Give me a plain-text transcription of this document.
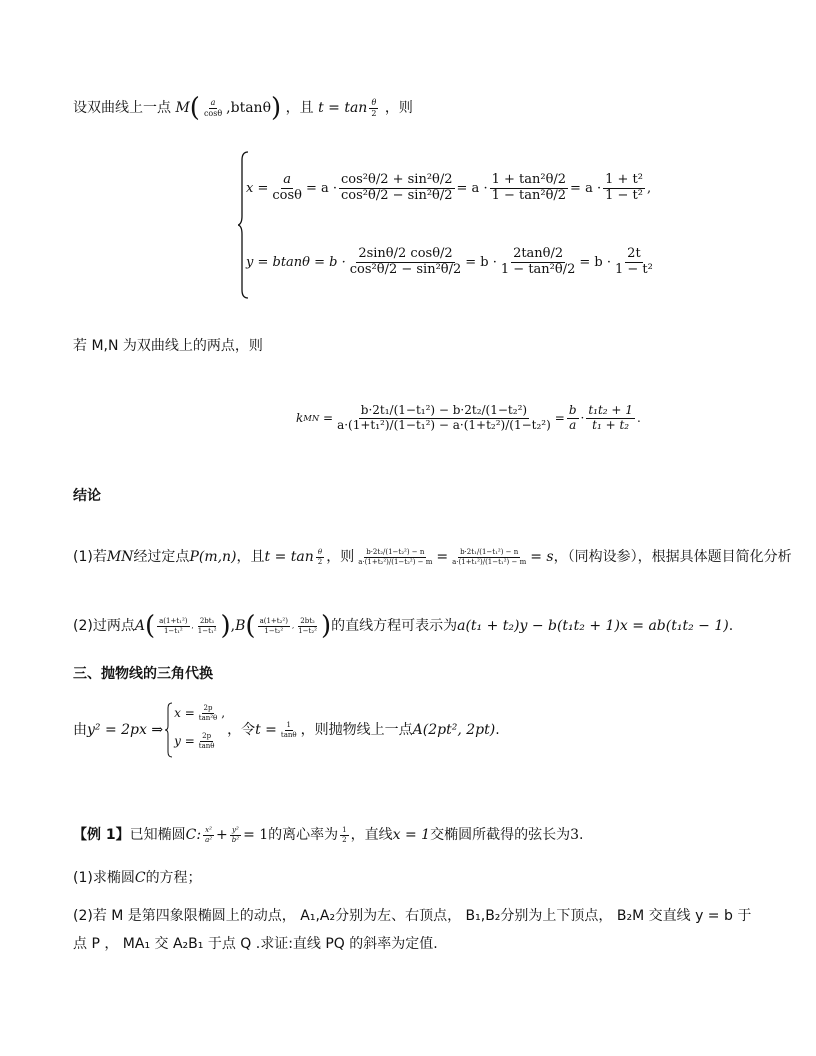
设双曲线上一点 $M( \frac{a}{\cos\theta} ,btan\theta)$ ，且 $t = \tan \frac{\theta}{2}$ ，则
$x = \frac{a}{\cos\theta} = a \cdot \frac{\text{cos²θ/2 + sin²θ/2}}{\text{cos²θ/2 − sin²θ/2}} = a \cdot \frac{\text{1 + tan²θ/2}}{\text{1 − tan²θ/2}} = a \cdot \frac{\text{1 + t²}}{\text{1 − t²}}$ ,
$y = btan\theta = b \cdot \frac{2\sin\theta/2 \cos\theta/2}{\text{cos²θ/2 − sin²θ/2}} = b \cdot \frac{2\tan\theta/2}{\text{1 − tan²θ/2}} = b \cdot \frac{2t}{\text{1 − t²}}$
若 M,N 为双曲线上的两点，则
k MN = $\frac{\text{b·2t₁/(1−t₁²) − b·2t₂/(1−t₂²)}}{\text{a·(1+t₁²)/(1−t₁²) − a·(1+t₂²)/(1−t₂²)}} = \frac{b}{a} \cdot \frac{\text{t₁t₂ + 1}}{\text{t₁ + t₂}}$ .
结论
(1)若 MN 经过定点 P(m,n) ，且 $t = \tan \frac{\theta}{2}$ ，则 $\frac{\text{b·2t₂/(1−t₂²) − n}}{\text{a·(1+t₂²)/(1−t₂²) − m}} = \frac{\text{b·2t₁/(1−t₁²) − n}}{\text{a·(1+t₁²)/(1−t₁²) − m}} = s$ ，（同构设参），根据具体题目简化分析
(2)过两点 A ( $\frac{\text{a(1+t₁²)}}{\text{1−t₁²}}$ , $\frac{\text{2bt₁}}{\text{1−t₁²}}$ ) , B ( $\frac{\text{a(1+t₂²)}}{\text{1−t₂²}}$ , $\frac{\text{2bt₂}}{\text{1−t₂²}}$ ) 的直线方程可表示为 a(t₁ + t₂)y − b(t₁t₂ + 1)x = ab(t₁t₂ − 1) .
三、抛物线的三角代换
由 y² = 2px ⇒
$x = \frac{2p}{\text{tan²θ}}$ ,
$y = \frac{2p}{\tan\theta}$
，令 $t = \frac{1}{\tan\theta}$ ，则抛物线上一点 A(2pt², 2pt) .
【例 1】 已知椭圆 C: $\frac{\text{x²}}{\text{a²}} + \frac{\text{y²}}{\text{b²}} = 1$ 的离心率为 $\frac{1}{2}$ ，直线 x = 1 交椭圆所截得的弦长为 3 .
(1)求椭圆C的方程；
(2)若 M 是第四象限椭圆上的动点， A₁,A₂分别为左、右顶点， B₁,B₂分别为上下顶点， B₂M 交直线 y = b 于
点 P ， MA₁ 交 A₂B₁ 于点 Q .求证:直线 PQ 的斜率为定值.
